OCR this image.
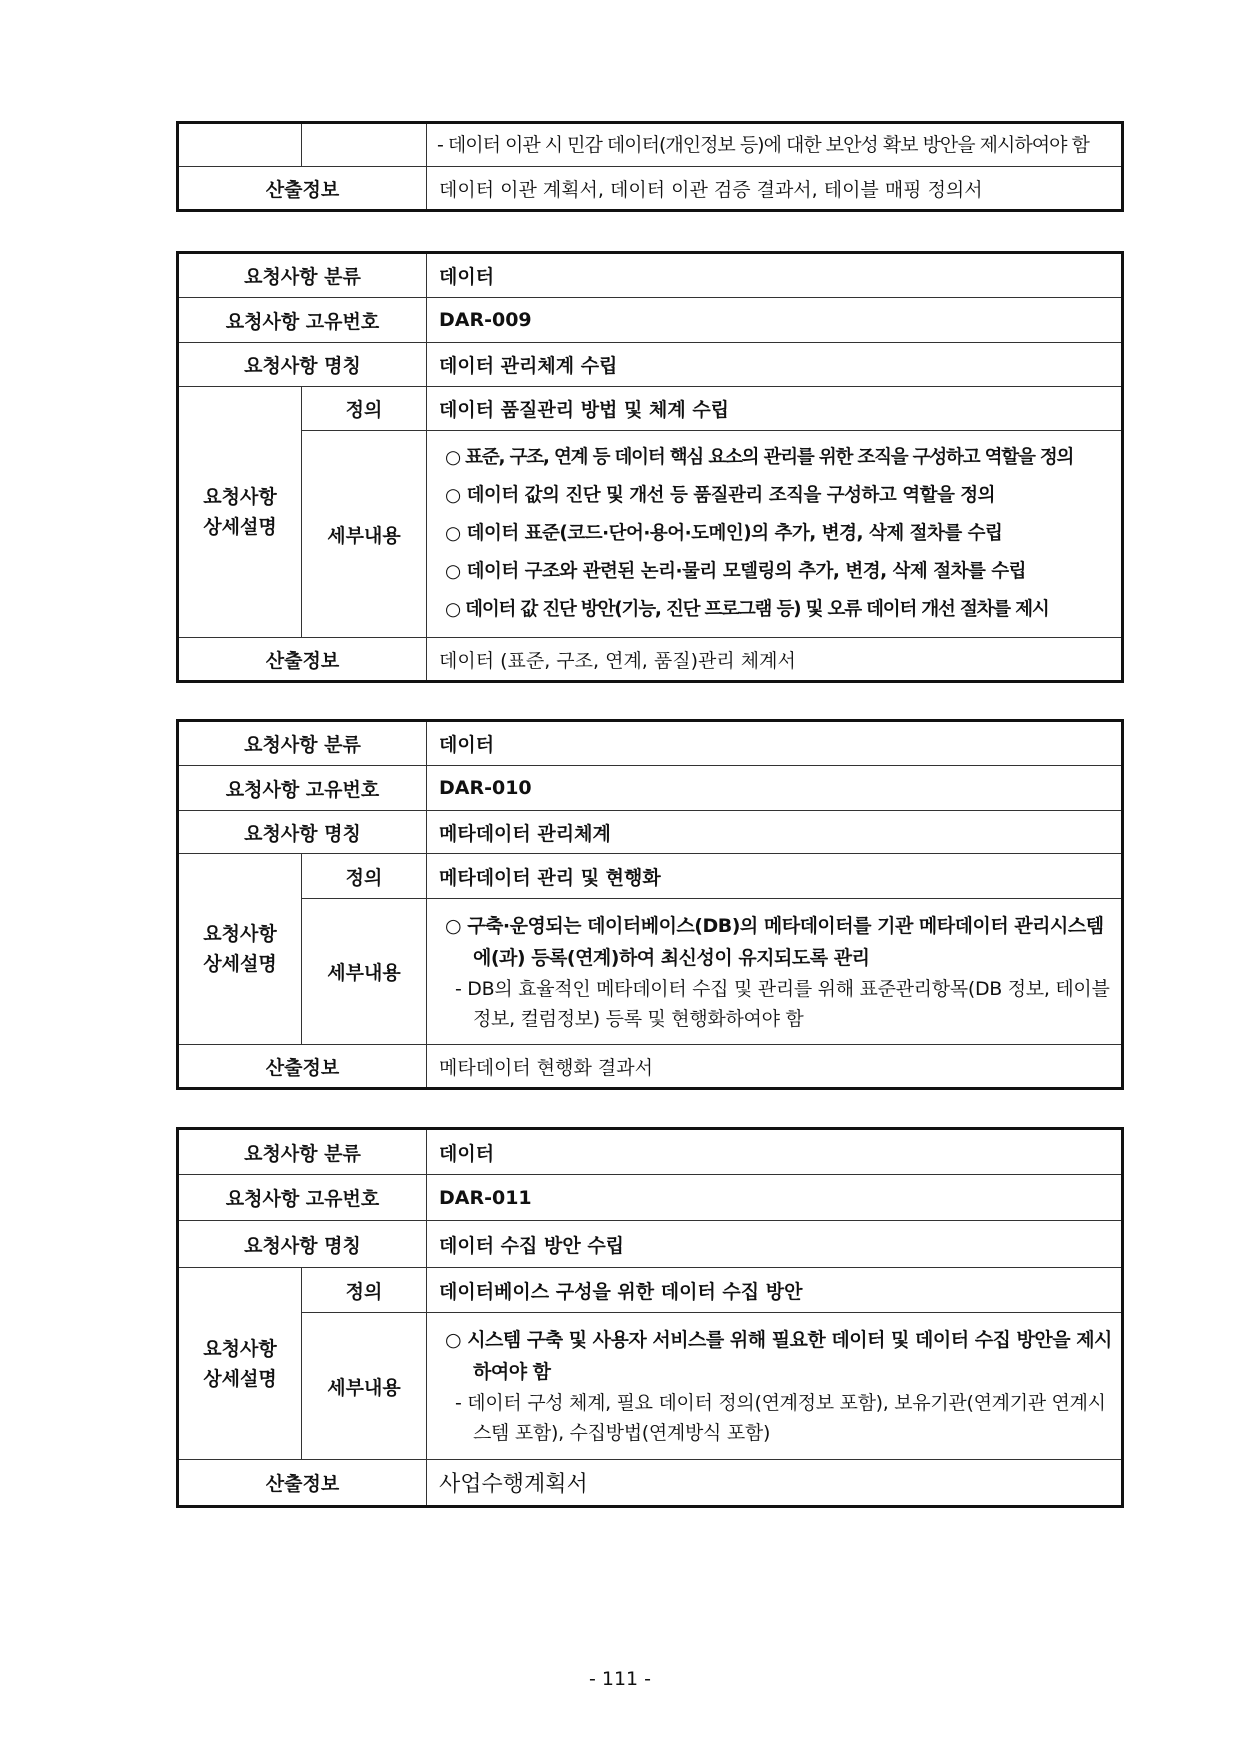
		- 데이터 이관 시 민감 데이터(개인정보 등)에 대한 보안성 확보 방안을 제시하여야 함
산출정보		데이터 이관 계획서, 데이터 이관 검증 결과서, 테이블 매핑 정의서
요청사항 분류		데이터
요청사항 고유번호		DAR-009
요청사항 명칭		데이터 관리체계 수립
요청사항
상세설명	정의	데이터 품질관리 방법 및 체계 수립
	세부내용	○ 표준, 구조, 연계 등 데이터 핵심 요소의 관리를 위한 조직을 구성하고 역할을 정의
○ 데이터 값의 진단 및 개선 등 품질관리 조직을 구성하고 역할을 정의
○ 데이터 표준(코드·단어·용어·도메인)의 추가, 변경, 삭제 절차를 수립
○ 데이터 구조와 관련된 논리·물리 모델링의 추가, 변경, 삭제 절차를 수립
○ 데이터 값 진단 방안(기능, 진단 프로그램 등) 및 오류 데이터 개선 절차를 제시

산출정보		데이터 (표준, 구조, 연계, 품질)관리 체계서
요청사항 분류		데이터
요청사항 고유번호		DAR-010
요청사항 명칭		메타데이터 관리체계
요청사항
상세설명	정의	메타데이터 관리 및 현행화
	세부내용	○ 구축·운영되는 데이터베이스(DB)의 메타데이터를 기관 메타데이터 관리시스템에(과) 등록(연계)하여 최신성이 유지되도록 관리
- DB의 효율적인 메타데이터 수집 및 관리를 위해 표준관리항목(DB 정보, 테이블정보, 컬럼정보) 등록 및 현행화하여야 함

산출정보		메타데이터 현행화 결과서
요청사항 분류		데이터
요청사항 고유번호		DAR-011
요청사항 명칭		데이터 수집 방안 수립
요청사항
상세설명	정의	데이터베이스 구성을 위한 데이터 수집 방안
	세부내용	○ 시스템 구축 및 사용자 서비스를 위해 필요한 데이터 및 데이터 수집 방안을 제시하여야 함
- 데이터 구성 체계, 필요 데이터 정의(연계정보 포함), 보유기관(연계기관 연계시스템 포함), 수집방법(연계방식 포함)

산출정보		사업수행계획서
- 111 -
